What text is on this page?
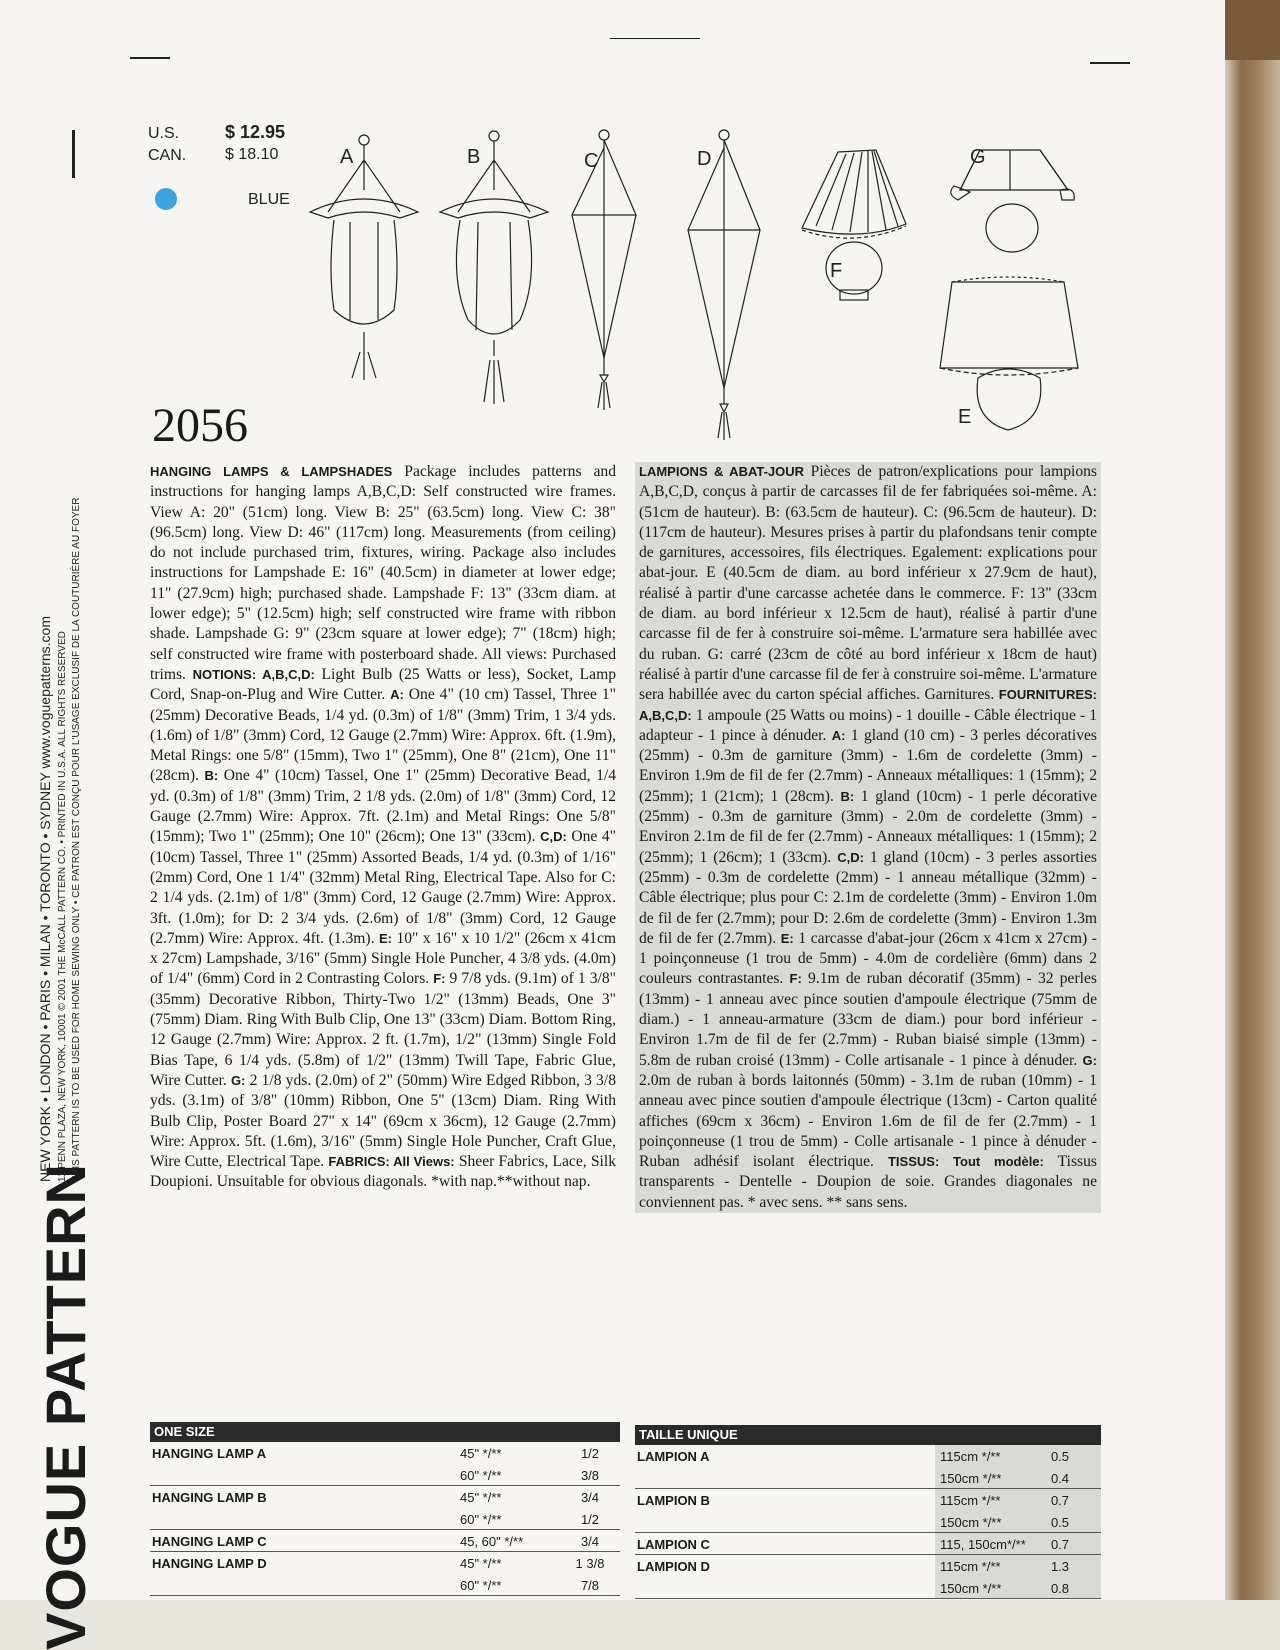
VOGUE PATTERN
NEW YORK • LONDON • PARIS • MILAN • TORONTO • SYDNEY www.voguepatterns.com 11 PENN PLAZA, NEW YORK, 10001 © 2001 THE McCALL PATTERN CO. • PRINTED IN U.S.A. ALL RIGHTS RESERVED THIS PATTERN IS TO BE USED FOR HOME SEWING ONLY • CE PATRON EST CONÇU POUR L'USAGE EXCLUSIF DE LA COUTURIÈRE AU FOYER
U.S.	$ 12.95
CAN. $ 18.10
BLUE
A	B	C	D	G
F
E
2056
HANGING LAMPS & LAMPSHADES Package includes patterns and instructions for hanging lamps A,B,C,D: Self constructed wire frames. View A: 20" (51cm) long. View B: 25" (63.5cm) long. View C: 38" (96.5cm) long. View D: 46" (117cm) long. Measurements (from ceiling) do not include purchased trim, fixtures, wiring. Package also includes instructions for Lampshade E: 16" (40.5cm) in diameter at lower edge; 11" (27.9cm) high; purchased shade. Lampshade F: 13" (33cm diam. at lower edge); 5" (12.5cm) high; self constructed wire frame with ribbon shade. Lampshade G: 9" (23cm square at lower edge); 7" (18cm) high; self constructed wire frame with posterboard shade. All views: Purchased trims. NOTIONS: A,B,C,D: Light Bulb (25 Watts or less), Socket, Lamp Cord, Snap-on-Plug and Wire Cutter. A: One 4" (10 cm) Tassel, Three 1" (25mm) Decorative Beads, 1/4 yd. (0.3m) of 1/8" (3mm) Trim, 1 3/4 yds. (1.6m) of 1/8" (3mm) Cord, 12 Gauge (2.7mm) Wire: Approx. 6ft. (1.9m), Metal Rings: one 5/8" (15mm), Two 1" (25mm), One 8" (21cm), One 11" (28cm). B: One 4" (10cm) Tassel, One 1" (25mm) Decorative Bead, 1/4 yd. (0.3m) of 1/8" (3mm) Trim, 2 1/8 yds. (2.0m) of 1/8" (3mm) Cord, 12 Gauge (2.7mm) Wire: Approx. 7ft. (2.1m) and Metal Rings: One 5/8" (15mm); Two 1" (25mm); One 10" (26cm); One 13" (33cm). C,D: One 4" (10cm) Tassel, Three 1" (25mm) Assorted Beads, 1/4 yd. (0.3m) of 1/16" (2mm) Cord, One 1 1/4" (32mm) Metal Ring, Electrical Tape. Also for C: 2 1/4 yds. (2.1m) of 1/8" (3mm) Cord, 12 Gauge (2.7mm) Wire: Approx. 3ft. (1.0m); for D: 2 3/4 yds. (2.6m) of 1/8" (3mm) Cord, 12 Gauge (2.7mm) Wire: Approx. 4ft. (1.3m). E: 10" x 16" x 10 1/2" (26cm x 41cm x 27cm) Lampshade, 3/16" (5mm) Single Hole Puncher, 4 3/8 yds. (4.0m) of 1/4" (6mm) Cord in 2 Contrasting Colors. F: 9 7/8 yds. (9.1m) of 1 3/8" (35mm) Decorative Ribbon, Thirty-Two 1/2" (13mm) Beads, One 3" (75mm) Diam. Ring With Bulb Clip, One 13" (33cm) Diam. Bottom Ring, 12 Gauge (2.7mm) Wire: Approx. 2 ft. (1.7m), 1/2" (13mm) Single Fold Bias Tape, 6 1/4 yds. (5.8m) of 1/2" (13mm) Twill Tape, Fabric Glue, Wire Cutter. G: 2 1/8 yds. (2.0m) of 2" (50mm) Wire Edged Ribbon, 3 3/8 yds. (3.1m) of 3/8" (10mm) Ribbon, One 5" (13cm) Diam. Ring With Bulb Clip, Poster Board 27" x 14" (69cm x 36cm), 12 Gauge (2.7mm) Wire: Approx. 5ft. (1.6m), 3/16" (5mm) Single Hole Puncher, Craft Glue, Wire Cutte, Electrical Tape. FABRICS: All Views: Sheer Fabrics, Lace, Silk Doupioni. Unsuitable for obvious diagonals. *with nap.**without nap.
LAMPIONS & ABAT-JOUR Pièces de patron/explications pour lampions A,B,C,D, conçus à partir de carcasses fil de fer fabriquées soi-même. A: (51cm de hauteur). B: (63.5cm de hauteur). C: (96.5cm de hauteur). D: (117cm de hauteur). Mesures prises à partir du plafondsans tenir compte de garnitures, accessoires, fils électriques. Egalement: explications pour abat-jour. E (40.5cm de diam. au bord inférieur x 27.9cm de haut), réalisé à partir d'une carcasse achetée dans le commerce. F: 13" (33cm de diam. au bord inférieur x 12.5cm de haut), réalisé à partir d'une carcasse fil de fer à construire soi-même. L'armature sera habillée avec du ruban. G: carré (23cm de côté au bord inférieur x 18cm de haut) réalisé à partir d'une carcasse fil de fer à construire soi-même. L'armature sera habillée avec du carton spécial affiches. Garnitures. FOURNITURES: A,B,C,D: 1 ampoule (25 Watts ou moins) - 1 douille - Câble électrique - 1 adapteur - 1 pince à dénuder. A: 1 gland (10 cm) - 3 perles décoratives (25mm) - 0.3m de garniture (3mm) - 1.6m de cordelette (3mm) - Environ 1.9m de fil de fer (2.7mm) - Anneaux métalliques: 1 (15mm); 2 (25mm); 1 (21cm); 1 (28cm). B: 1 gland (10cm) - 1 perle décorative (25mm) - 0.3m de garniture (3mm) - 2.0m de cordelette (3mm) - Environ 2.1m de fil de fer (2.7mm) - Anneaux métalliques: 1 (15mm); 2 (25mm); 1 (26cm); 1 (33cm). C,D: 1 gland (10cm) - 3 perles assorties (25mm) - 0.3m de cordelette (2mm) - 1 anneau métallique (32mm) - Câble électrique; plus pour C: 2.1m de cordelette (3mm) - Environ 1.0m de fil de fer (2.7mm); pour D: 2.6m de cordelette (3mm) - Environ 1.3m de fil de fer (2.7mm). E: 1 carcasse d'abat-jour (26cm x 41cm x 27cm) - 1 poinçonneuse (1 trou de 5mm) - 4.0m de cordelière (6mm) dans 2 couleurs contrastantes. F: 9.1m de ruban décoratif (35mm) - 32 perles (13mm) - 1 anneau avec pince soutien d'ampoule électrique (75mm de diam.) - 1 anneau-armature (33cm de diam.) pour bord inférieur - Environ 1.7m de fil de fer (2.7mm) - Ruban biaisé simple (13mm) - 5.8m de ruban croisé (13mm) - Colle artisanale - 1 pince à dénuder. G: 2.0m de ruban à bords laitonnés (50mm) - 3.1m de ruban (10mm) - 1 anneau avec pince soutien d'ampoule électrique (13cm) - Carton qualité affiches (69cm x 36cm) - Environ 1.6m de fil de fer (2.7mm) - 1 poinçonneuse (1 trou de 5mm) - Colle artisanale - 1 pince à dénuder - Ruban adhésif isolant électrique. TISSUS: Tout modèle: Tissus transparents - Dentelle - Doupion de soie. Grandes diagonales ne conviennent pas. * avec sens. ** sans sens.
ONE SIZE
HANGING LAMP A	45" */**	1/2
60" */**	3/8
HANGING LAMP B	45" */**	3/4
60" */**	1/2
HANGING LAMP C	45, 60" */**	3/4
HANGING LAMP D	45" */**	1 3/8
60" */**	7/8
TAILLE UNIQUE
LAMPION A	115cm */**	0.5
150cm */**	0.4
LAMPION B	115cm */**	0.7
150cm */**	0.5
LAMPION C	115, 150cm*/**	0.7
LAMPION D	115cm */**	1.3
150cm */**	0.8
